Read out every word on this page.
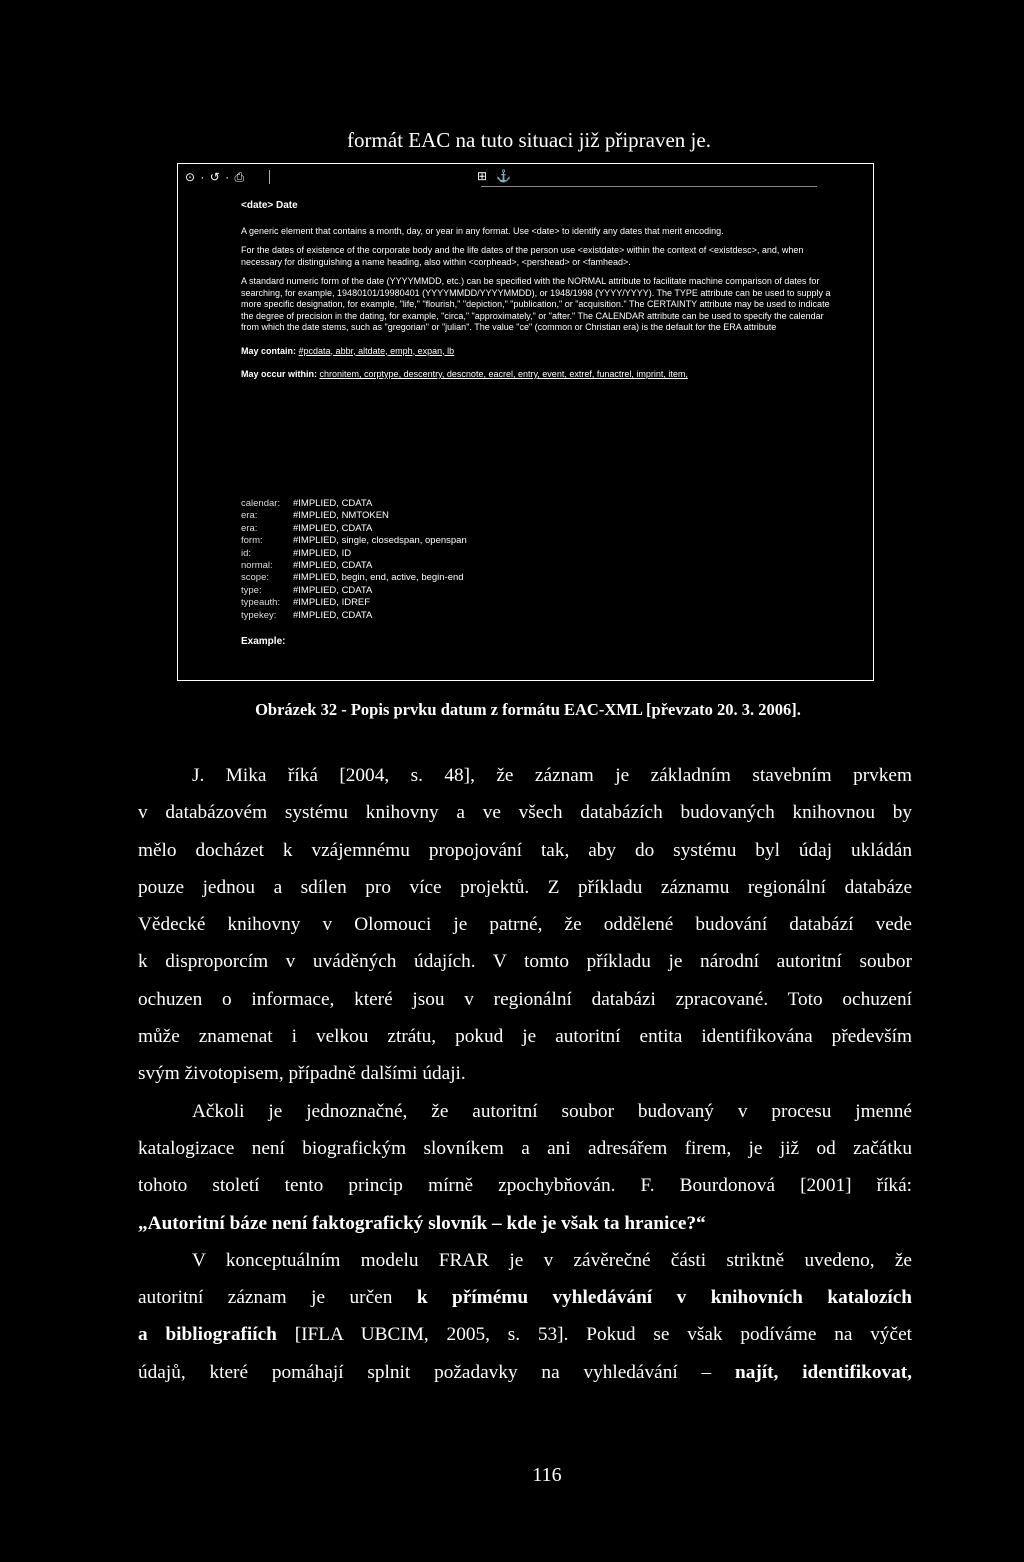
formát EAC na tuto situaci již připraven je.
⊙ · ↺ · ⎙	⊞ ⚓
<date> Date

A generic element that contains a month, day, or year in any format. Use <date> to identify any dates that merit encoding.

For the dates of existence of the corporate body and the life dates of the person use <existdate> within the context of <existdesc>, and, when necessary for distinguishing a name heading, also within <corphead>, <pershead> or <famhead>.

A standard numeric form of the date (YYYYMMDD, etc.) can be specified with the NORMAL attribute to facilitate machine comparison of dates for searching, for example, 19480101/19980401 (YYYYMMDD/YYYYMMDD), or 1948/1998 (YYYY/YYYY). The TYPE attribute can be used to supply a more specific designation, for example, "life," "flourish," "depiction," "publication," or "acquisition." The CERTAINTY attribute may be used to indicate the degree of precision in the dating, for example, "circa," "approximately," or "after." The CALENDAR attribute can be used to specify the calendar from which the date stems, such as "gregorian" or "julian". The value "ce" (common or Christian era) is the default for the ERA attribute

May contain: #pcdata, abbr, altdate, emph, expan, lb
May occur within: chronitem, corptype, descentry, descnote, eacrel, entry, event, extref, funactrel, imprint, item,
calendar:	#IMPLIED, CDATA
era:	#IMPLIED, NMTOKEN
era:	#IMPLIED, CDATA
form:	#IMPLIED, single, closedspan, openspan
id:	#IMPLIED, ID
normal:	#IMPLIED, CDATA
scope:	#IMPLIED, begin, end, active, begin-end
type:	#IMPLIED, CDATA
typeauth:	#IMPLIED, IDREF
typekey:	#IMPLIED, CDATA
Example:
Obrázek 32 - Popis prvku datum z formátu EAC-XML [převzato 20. 3. 2006].
J. Mika říká [2004, s. 48], že záznam je základním stavebním prvkem
v databázovém systému knihovny a ve všech databázích budovaných knihovnou by
mělo docházet k vzájemnému propojování tak, aby do systému byl údaj ukládán
pouze jednou a sdílen pro více projektů. Z příkladu záznamu regionální databáze
Vědecké knihovny v Olomouci je patrné, že oddělené budování databází vede
k disproporcím v uváděných údajích. V tomto příkladu je národní autoritní soubor
ochuzen o informace, které jsou v regionální databázi zpracované. Toto ochuzení
může znamenat i velkou ztrátu, pokud je autoritní entita identifikována především
svým životopisem, případně dalšími údaji.
Ačkoli je jednoznačné, že autoritní soubor budovaný v procesu jmenné
katalogizace není biografickým slovníkem a ani adresářem firem, je již od začátku
tohoto století tento princip mírně zpochybňován. F. Bourdonová [2001] říká:
„Autoritní báze není faktografický slovník – kde je však ta hranice?“
V konceptuálním modelu FRAR je v závěrečné části striktně uvedeno, že
autoritní záznam je určen k přímému vyhledávání v knihovních katalozích
a bibliografiích [IFLA UBCIM, 2005, s. 53]. Pokud se však podíváme na výčet
údajů, které pomáhají splnit požadavky na vyhledávání – najít, identifikovat,
116
